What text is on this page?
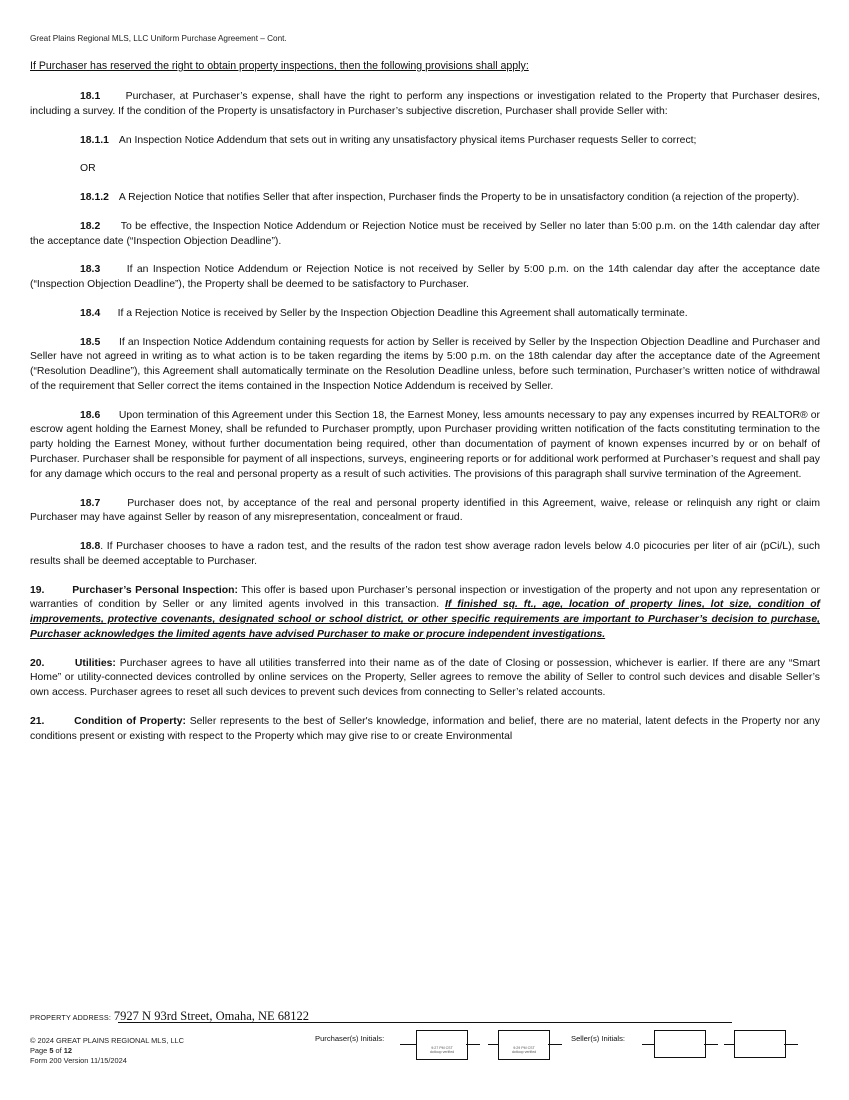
Great Plains Regional MLS, LLC Uniform Purchase Agreement – Cont.
If Purchaser has reserved the right to obtain property inspections, then the following provisions shall apply:

18.1 Purchaser, at Purchaser’s expense, shall have the right to perform any inspections or investigation related to the Property that Purchaser desires, including a survey. If the condition of the Property is unsatisfactory in Purchaser’s subjective discretion, Purchaser shall provide Seller with:

18.1.1 An Inspection Notice Addendum that sets out in writing any unsatisfactory physical items Purchaser requests Seller to correct;

OR

18.1.2 A Rejection Notice that notifies Seller that after inspection, Purchaser finds the Property to be in unsatisfactory condition (a rejection of the property).

18.2 To be effective, the Inspection Notice Addendum or Rejection Notice must be received by Seller no later than 5:00 p.m. on the 14th calendar day after the acceptance date (“Inspection Objection Deadline”).

18.3	If an Inspection Notice Addendum or Rejection Notice is not received by Seller by 5:00 p.m. on the 14th calendar day after the acceptance date (“Inspection Objection Deadline”), the Property shall be deemed to be satisfactory to Purchaser.

18.4 If a Rejection Notice is received by Seller by the Inspection Objection Deadline this Agreement shall automatically terminate.

18.5 If an Inspection Notice Addendum containing requests for action by Seller is received by Seller by the Inspection Objection Deadline and Purchaser and Seller have not agreed in writing as to what action is to be taken regarding the items by 5:00 p.m. on the 18th calendar day after the acceptance date of the Agreement (“Resolution Deadline”), this Agreement shall automatically terminate on the Resolution Deadline unless, before such termination, Purchaser’s written notice of withdrawal of the requirement that Seller correct the items contained in the Inspection Notice Addendum is received by Seller.

18.6 Upon termination of this Agreement under this Section 18, the Earnest Money, less amounts necessary to pay any expenses incurred by REALTOR® or escrow agent holding the Earnest Money, shall be refunded to Purchaser promptly, upon Purchaser providing written notification of the facts constituting termination to the party holding the Earnest Money, without further documentation being required, other than documentation of payment of known expenses incurred by or on behalf of Purchaser. Purchaser shall be responsible for payment of all inspections, surveys, engineering reports or for additional work performed at Purchaser’s request and shall pay for any damage which occurs to the real and personal property as a result of such activities. The provisions of this paragraph shall survive termination of the Agreement.

18.7	Purchaser does not, by acceptance of the real and personal property identified in this Agreement, waive, release or relinquish any right or claim Purchaser may have against Seller by reason of any misrepresentation, concealment or fraud.

18.8. If Purchaser chooses to have a radon test, and the results of the radon test show average radon levels below 4.0 picocuries per liter of air (pCi/L), such results shall be deemed acceptable to Purchaser.

19.	Purchaser’s Personal Inspection: This offer is based upon Purchaser’s personal inspection or investigation of the property and not upon any representation or warranties of condition by Seller or any limited agents involved in this transaction. If finished sq. ft., age, location of property lines, lot size, condition of improvements, protective covenants, designated school or school district, or other specific requirements are important to Purchaser’s decision to purchase, Purchaser acknowledges the limited agents have advised Purchaser to make or procure independent investigations.

20.	Utilities: Purchaser agrees to have all utilities transferred into their name as of the date of Closing or possession, whichever is earlier. If there are any “Smart Home” or utility-connected devices controlled by online services on the Property, Seller agrees to remove the ability of Seller to control such devices and disable Seller’s own access. Purchaser agrees to reset all such devices to prevent such devices from connecting to Seller’s related accounts.

21.	Condition of Property: Seller represents to the best of Seller's knowledge, information and belief, there are no material, latent defects in the Property nor any conditions present or existing with respect to the Property which may give rise to or create Environmental

PROPERTY ADDRESS: 7927 N 93rd Street, Omaha, NE 68122
© 2024 GREAT PLAINS REGIONAL MLS, LLC
Page 5 of 12
Form 200 Version 11/15/2024
Purchaser(s) Initials:
9:27 PM CST
dotloop verified
9:29 PM CST
dotloop verified
Seller(s) Initials:
